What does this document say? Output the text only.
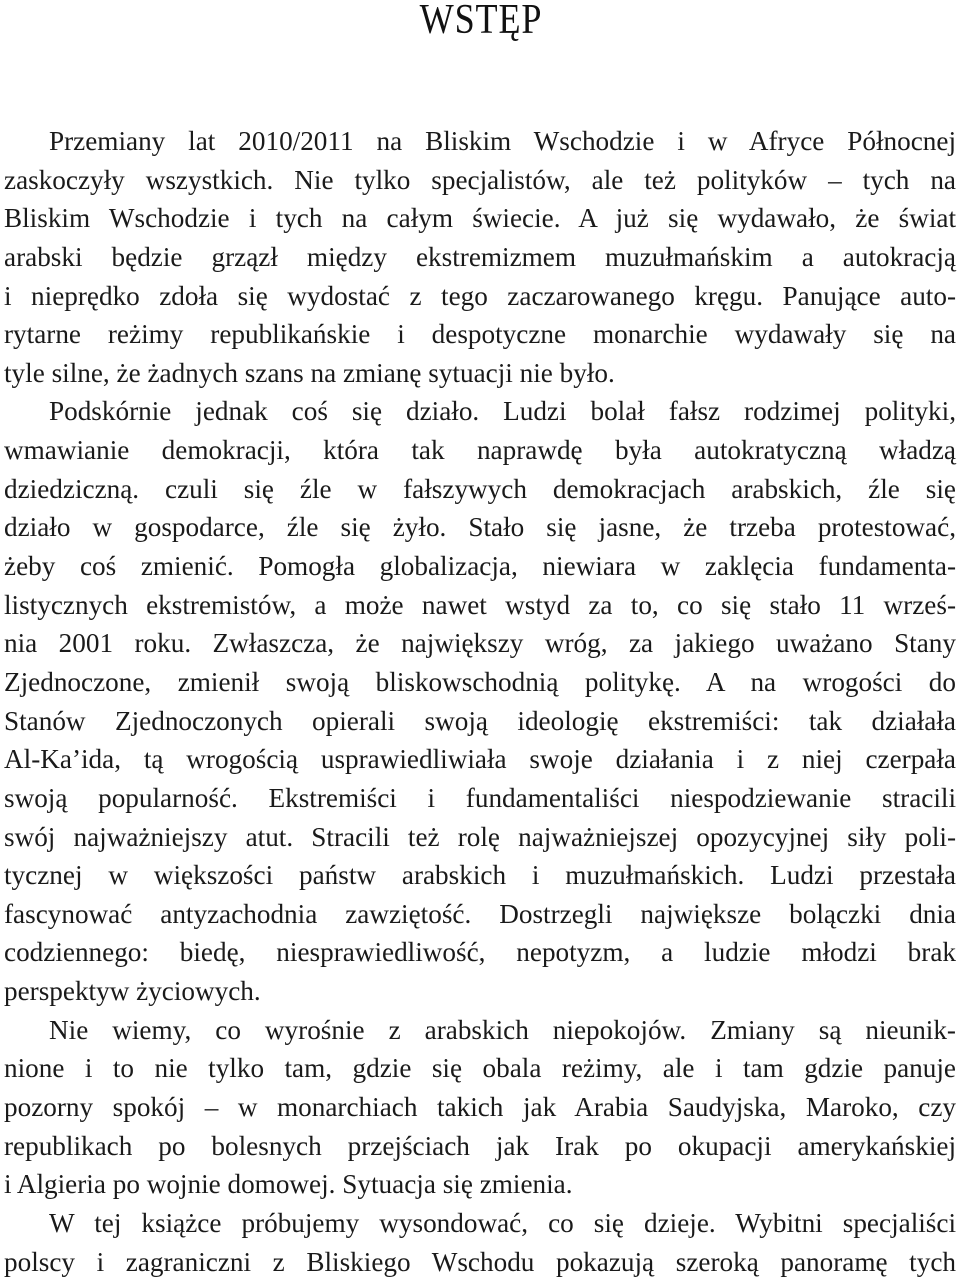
WSTĘP
Przemiany lat 2010/2011 na Bliskim Wschodzie i w Afryce Północnej
zaskoczyły wszystkich. Nie tylko specjalistów, ale też polityków – tych na
Bliskim Wschodzie i tych na całym świecie. A już się wydawało, że świat
arabski będzie grzązł między ekstremizmem muzułmańskim a autokracją
i nieprędko zdoła się wydostać z tego zaczarowanego kręgu. Panujące auto-
rytarne reżimy republikańskie i despotyczne monarchie wydawały się na
tyle silne, że żadnych szans na zmianę sytuacji nie było.
Podskórnie jednak coś się działo. Ludzi bolał fałsz rodzimej polityki,
wmawianie demokracji, która tak naprawdę była autokratyczną władzą
dziedziczną. czuli się źle w fałszywych demokracjach arabskich, źle się
działo w gospodarce, źle się żyło. Stało się jasne, że trzeba protestować,
żeby coś zmienić. Pomogła globalizacja, niewiara w zaklęcia fundamenta-
listycznych ekstremistów, a może nawet wstyd za to, co się stało 11 wrześ-
nia 2001 roku. Zwłaszcza, że największy wróg, za jakiego uważano Stany
Zjednoczone, zmienił swoją bliskowschodnią politykę. A na wrogości do
Stanów Zjednoczonych opierali swoją ideologię ekstremiści: tak działała
Al-Ka’ida, tą wrogością usprawiedliwiała swoje działania i z niej czerpała
swoją popularność. Ekstremiści i fundamentaliści niespodziewanie stracili
swój najważniejszy atut. Stracili też rolę najważniejszej opozycyjnej siły poli-
tycznej w większości państw arabskich i muzułmańskich. Ludzi przestała
fascynować antyzachodnia zawziętość. Dostrzegli największe bolączki dnia
codziennego: biedę, niesprawiedliwość, nepotyzm, a ludzie młodzi brak
perspektyw życiowych.
Nie wiemy, co wyrośnie z arabskich niepokojów. Zmiany są nieunik-
nione i to nie tylko tam, gdzie się obala reżimy, ale i tam gdzie panuje
pozorny spokój – w monarchiach takich jak Arabia Saudyjska, Maroko, czy
republikach po bolesnych przejściach jak Irak po okupacji amerykańskiej
i Algieria po wojnie domowej. Sytuacja się zmienia.
W tej książce próbujemy wysondować, co się dzieje. Wybitni specjaliści
polscy i zagraniczni z Bliskiego Wschodu pokazują szeroką panoramę tych
